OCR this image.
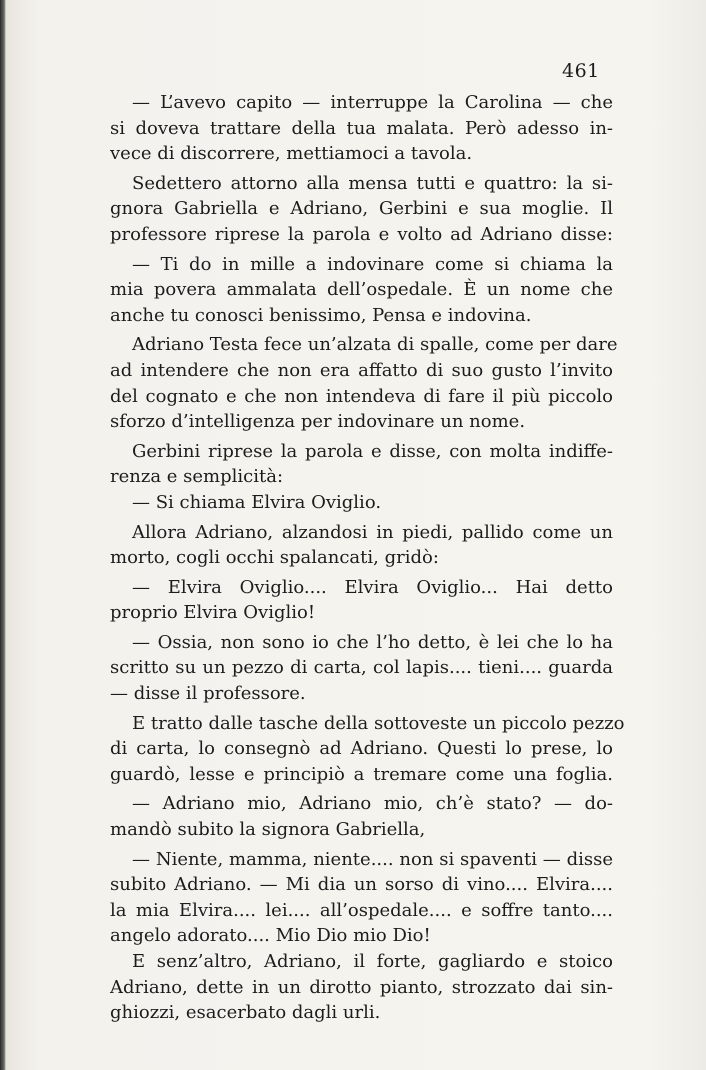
461
— L’avevo capito — interruppe la Carolina — che
si doveva trattare della tua malata. Però adesso in-
vece di discorrere, mettiamoci a tavola.
Sedettero attorno alla mensa tutti e quattro: la si-
gnora Gabriella e Adriano, Gerbini e sua moglie. Il
professore riprese la parola e volto ad Adriano disse:
— Ti do in mille a indovinare come si chiama la
mia povera ammalata dell’ospedale. È un nome che
anche tu conosci benissimo, Pensa e indovina.
Adriano Testa fece un’alzata di spalle, come per dare
ad intendere che non era affatto di suo gusto l’invito
del cognato e che non intendeva di fare il più piccolo
sforzo d’intelligenza per indovinare un nome.
Gerbini riprese la parola e disse, con molta indiffe-
renza e semplicità:
— Si chiama Elvira Oviglio.
Allora Adriano, alzandosi in piedi, pallido come un
morto, cogli occhi spalancati, gridò:
— Elvira Oviglio.... Elvira Oviglio... Hai detto
proprio Elvira Oviglio!
— Ossia, non sono io che l’ho detto, è lei che lo ha
scritto su un pezzo di carta, col lapis.... tieni.... guarda
— disse il professore.
E tratto dalle tasche della sottoveste un piccolo pezzo
di carta, lo consegnò ad Adriano. Questi lo prese, lo
guardò, lesse e principiò a tremare come una foglia.
— Adriano mio, Adriano mio, ch’è stato? — do-
mandò subito la signora Gabriella,
— Niente, mamma, niente.... non si spaventi — disse
subito Adriano. — Mi dia un sorso di vino.... Elvira....
la mia Elvira.... lei.... all’ospedale.... e soffre tanto....
angelo adorato.... Mio Dio mio Dio!
E senz’altro, Adriano, il forte, gagliardo e stoico
Adriano, dette in un dirotto pianto, strozzato dai sin-
ghiozzi, esacerbato dagli urli.
